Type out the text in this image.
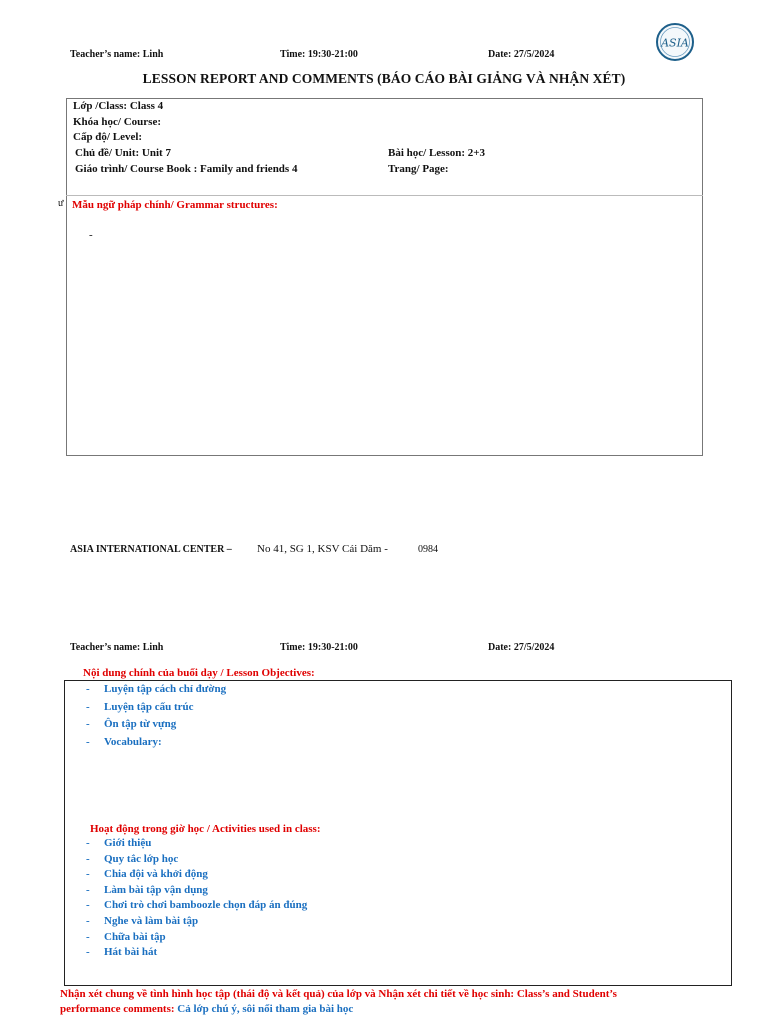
Teacher’s name: Linh	Time: 19:30-21:00	Date: 27/5/2024
ASIA
LESSON REPORT AND COMMENTS (BÁO CÁO BÀI GIẢNG VÀ NHẬN XÉT)
Lớp /Class: Class 4
Khóa học/ Course:
Cấp độ/ Level:
Chủ đề/ Unit: Unit 7	Bài học/ Lesson: 2+3
Giáo trình/ Course Book : Family and friends 4	Trang/ Page:
ư Mẫu ngữ pháp chính/ Grammar structures:
-
ASIA INTERNATIONAL CENTER – No 41, SG 1, KSV Cái Dăm -	0984
Teacher’s name: Linh	Time: 19:30-21:00	Date: 27/5/2024
Nội dung chính của buổi dạy / Lesson Objectives:
- Luyện tập cách chỉ đường
- Luyện tập cấu trúc
- Ôn tập từ vựng
- Vocabulary:
Hoạt động trong giờ học / Activities used in class:
- Giới thiệu
- Quy tắc lớp học
- Chia đội và khởi động
- Làm bài tập vận dụng
- Chơi trò chơi bamboozle chọn đáp án đúng
- Nghe và làm bài tập
- Chữa bài tập
- Hát bài hát
Nhận xét chung về tình hình học tập (thái độ và kết quả) của lớp và Nhận xét chi tiết về học sinh: Class’s and Student’s
performance comments: Cả lớp chú ý, sôi nổi tham gia bài học
